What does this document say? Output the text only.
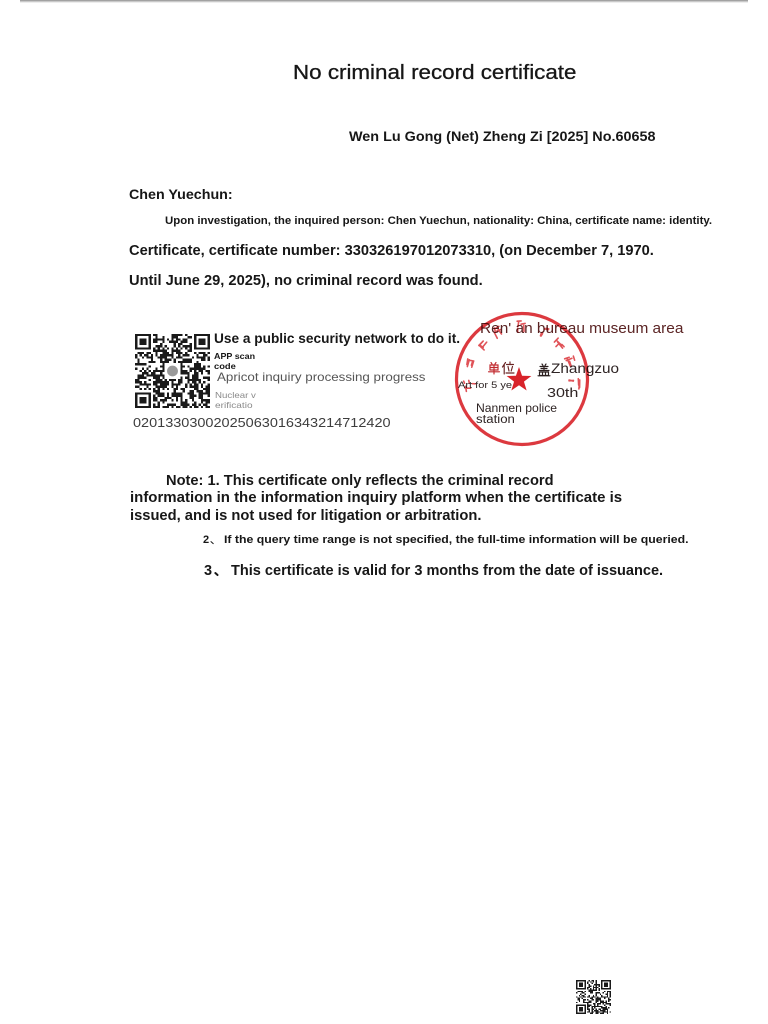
No criminal record certificate
Wen Lu Gong (Net) Zheng Zi [2025] No.60658
Chen Yuechun:
Upon investigation, the inquired person: Chen Yuechun, nationality: China, certificate name: identity.
Certificate, certificate number: 330326197012073310, (on December 7, 1970.
Until June 29, 2025), no criminal record was found.
Use a public security network to do it.
APP scan
code
Apricot inquiry processing progress
Nuclear v
erificatio
02013303002025063016343214712420
Ren' an bureau museum area
Zhangzuo
Art for 5 ye	30th
Nanmen police
station
Note: 1. This certificate only reflects the criminal record
information in the information inquiry platform when the certificate is
issued, and is not used for litigation or arbitration.
2	If the query time range is not specified, the full-time information will be queried.
3	This certificate is valid for 3 months from the date of issuance.
